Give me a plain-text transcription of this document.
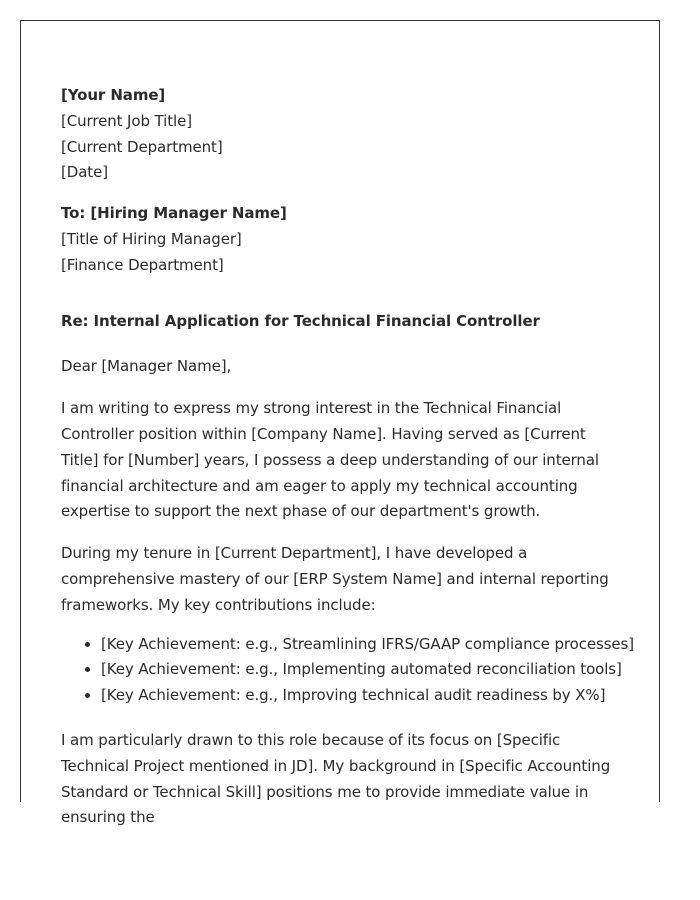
[Your Name]
[Current Job Title]
[Current Department]
[Date]
To: [Hiring Manager Name]
[Title of Hiring Manager]
[Finance Department]
Re: Internal Application for Technical Financial Controller
Dear [Manager Name],

I am writing to express my strong interest in the Technical Financial Controller position within [Company Name]. Having served as [Current Title] for [Number] years, I possess a deep understanding of our internal financial architecture and am eager to apply my technical accounting expertise to support the next phase of our department's growth.

During my tenure in [Current Department], I have developed a comprehensive mastery of our [ERP System Name] and internal reporting frameworks. My key contributions include:

• [Key Achievement: e.g., Streamlining IFRS/GAAP compliance processes]
• [Key Achievement: e.g., Implementing automated reconciliation tools]
• [Key Achievement: e.g., Improving technical audit readiness by X%]

I am particularly drawn to this role because of its focus on [Specific Technical Project mentioned in JD]. My background in [Specific Accounting Standard or Technical Skill] positions me to provide immediate value in ensuring the
